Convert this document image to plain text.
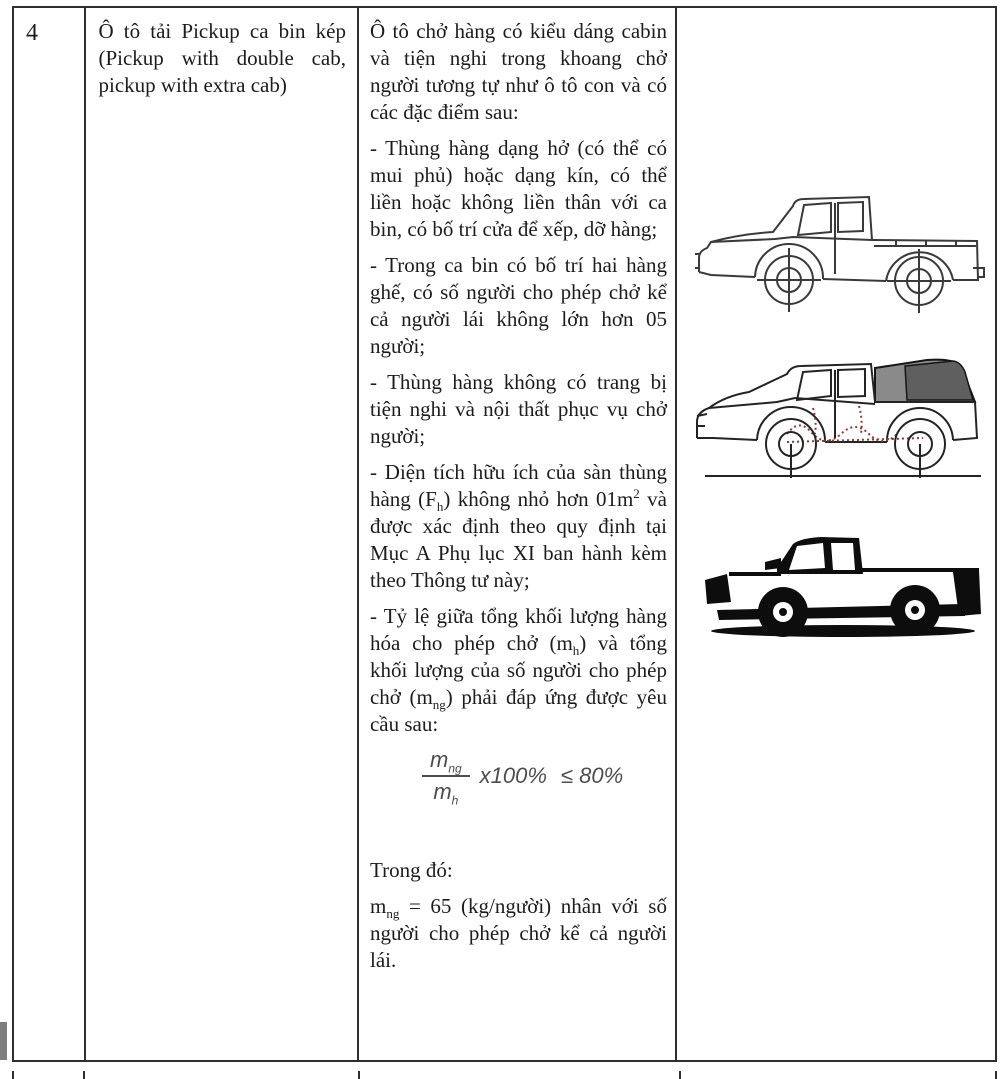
4	Ô tô tải Pickup ca bin kép (Pickup with double cab, pickup with extra cab)

Ô tô chở hàng có kiểu dáng cabin và tiện nghi trong khoang chở người tương tự như ô tô con và có các đặc điểm sau:

- Thùng hàng dạng hở (có thể có mui phủ) hoặc dạng kín, có thể liền hoặc không liền thân với ca bin, có bố trí cửa để xếp, dỡ hàng;

- Trong ca bin có bố trí hai hàng ghế, có số người cho phép chở kể cả người lái không lớn hơn 05 người;

- Thùng hàng không có trang bị tiện nghi và nội thất phục vụ chở người;

- Diện tích hữu ích của sàn thùng hàng $(F_h)$ không nhỏ hơn $01m^2$ và được xác định theo quy định tại Mục A Phụ lục XI ban hành kèm theo Thông tư này;

- Tỷ lệ giữa tổng khối lượng hàng hóa cho phép chở $(m_h)$ và tổng khối lượng của số người cho phép chở $(m_{ng})$ phải đáp ứng được yêu cầu sau:

$\frac{m_{ng}}{m_h} x100\% \le 80\%$

Trong đó:

$m_{ng} = 65$ (kg/người) nhân với số người cho phép chở kể cả người lái.
